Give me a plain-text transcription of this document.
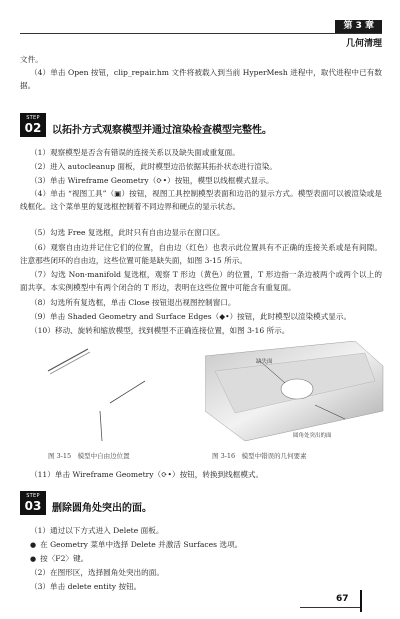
第 3 章
几何清理

文件。

（4）单击 Open 按钮，clip_repair.hm 文件将被载入到当前 HyperMesh 进程中，取代进程中已有数据。

STEP
02	以拓扑方式观察模型并通过渲染检查模型完整性。

（1）观察模型是否含有错误的连接关系以及缺失面或重复面。

（2）进入 autocleanup 面板，此时模型边沿依据其拓扑状态进行渲染。

（3）单击 Wireframe Geometry（⟳•）按钮，模型以线框模式显示。

（4）单击 “视图工具”（▣）按钮，视图工具控制模型表面和边沿的显示方式。模型表面可以被渲染或是线框化。这个菜单里的复选框控制着不同边界和硬点的显示状态。

（5）勾选 Free 复选框，此时只有自由边显示在窗口区。

（6）观察自由边并记住它们的位置，自由边（红色）也表示此位置具有不正确的连接关系或是有间隙。注意那些闭环的自由边，这些位置可能是缺失面，如图 3-15 所示。

（7）勾选 Non-manifold 复选框，观察 T 形边（黄色）的位置，T 形边指一条边被两个或两个以上的面共享。本实例模型中有两个闭合的 T 形边，表明在这些位置中可能含有重复面。

（8）勾选所有复选框，单击 Close 按钮退出视图控制窗口。

（9）单击 Shaded Geometry and Surface Edges（◆•）按钮，此时模型以渲染模式显示。

（10）移动、旋转和缩放模型，找到模型不正确连接位置，如图 3-16 所示。

缺失面
圆角处突出的面
图 3-15　模型中自由边位置	图 3-16　模型中错误的几何要素

（11）单击 Wireframe Geometry（⟳•）按钮，转换到线框模式。

STEP
03	删除圆角处突出的面。

（1）通过以下方式进入 Delete 面板。

● 在 Geometry 菜单中选择 Delete 并激活 Surfaces 选项。

● 按〈F2〉键。

（2）在图形区，选择圆角处突出的面。

（3）单击 delete entity 按钮。

67
